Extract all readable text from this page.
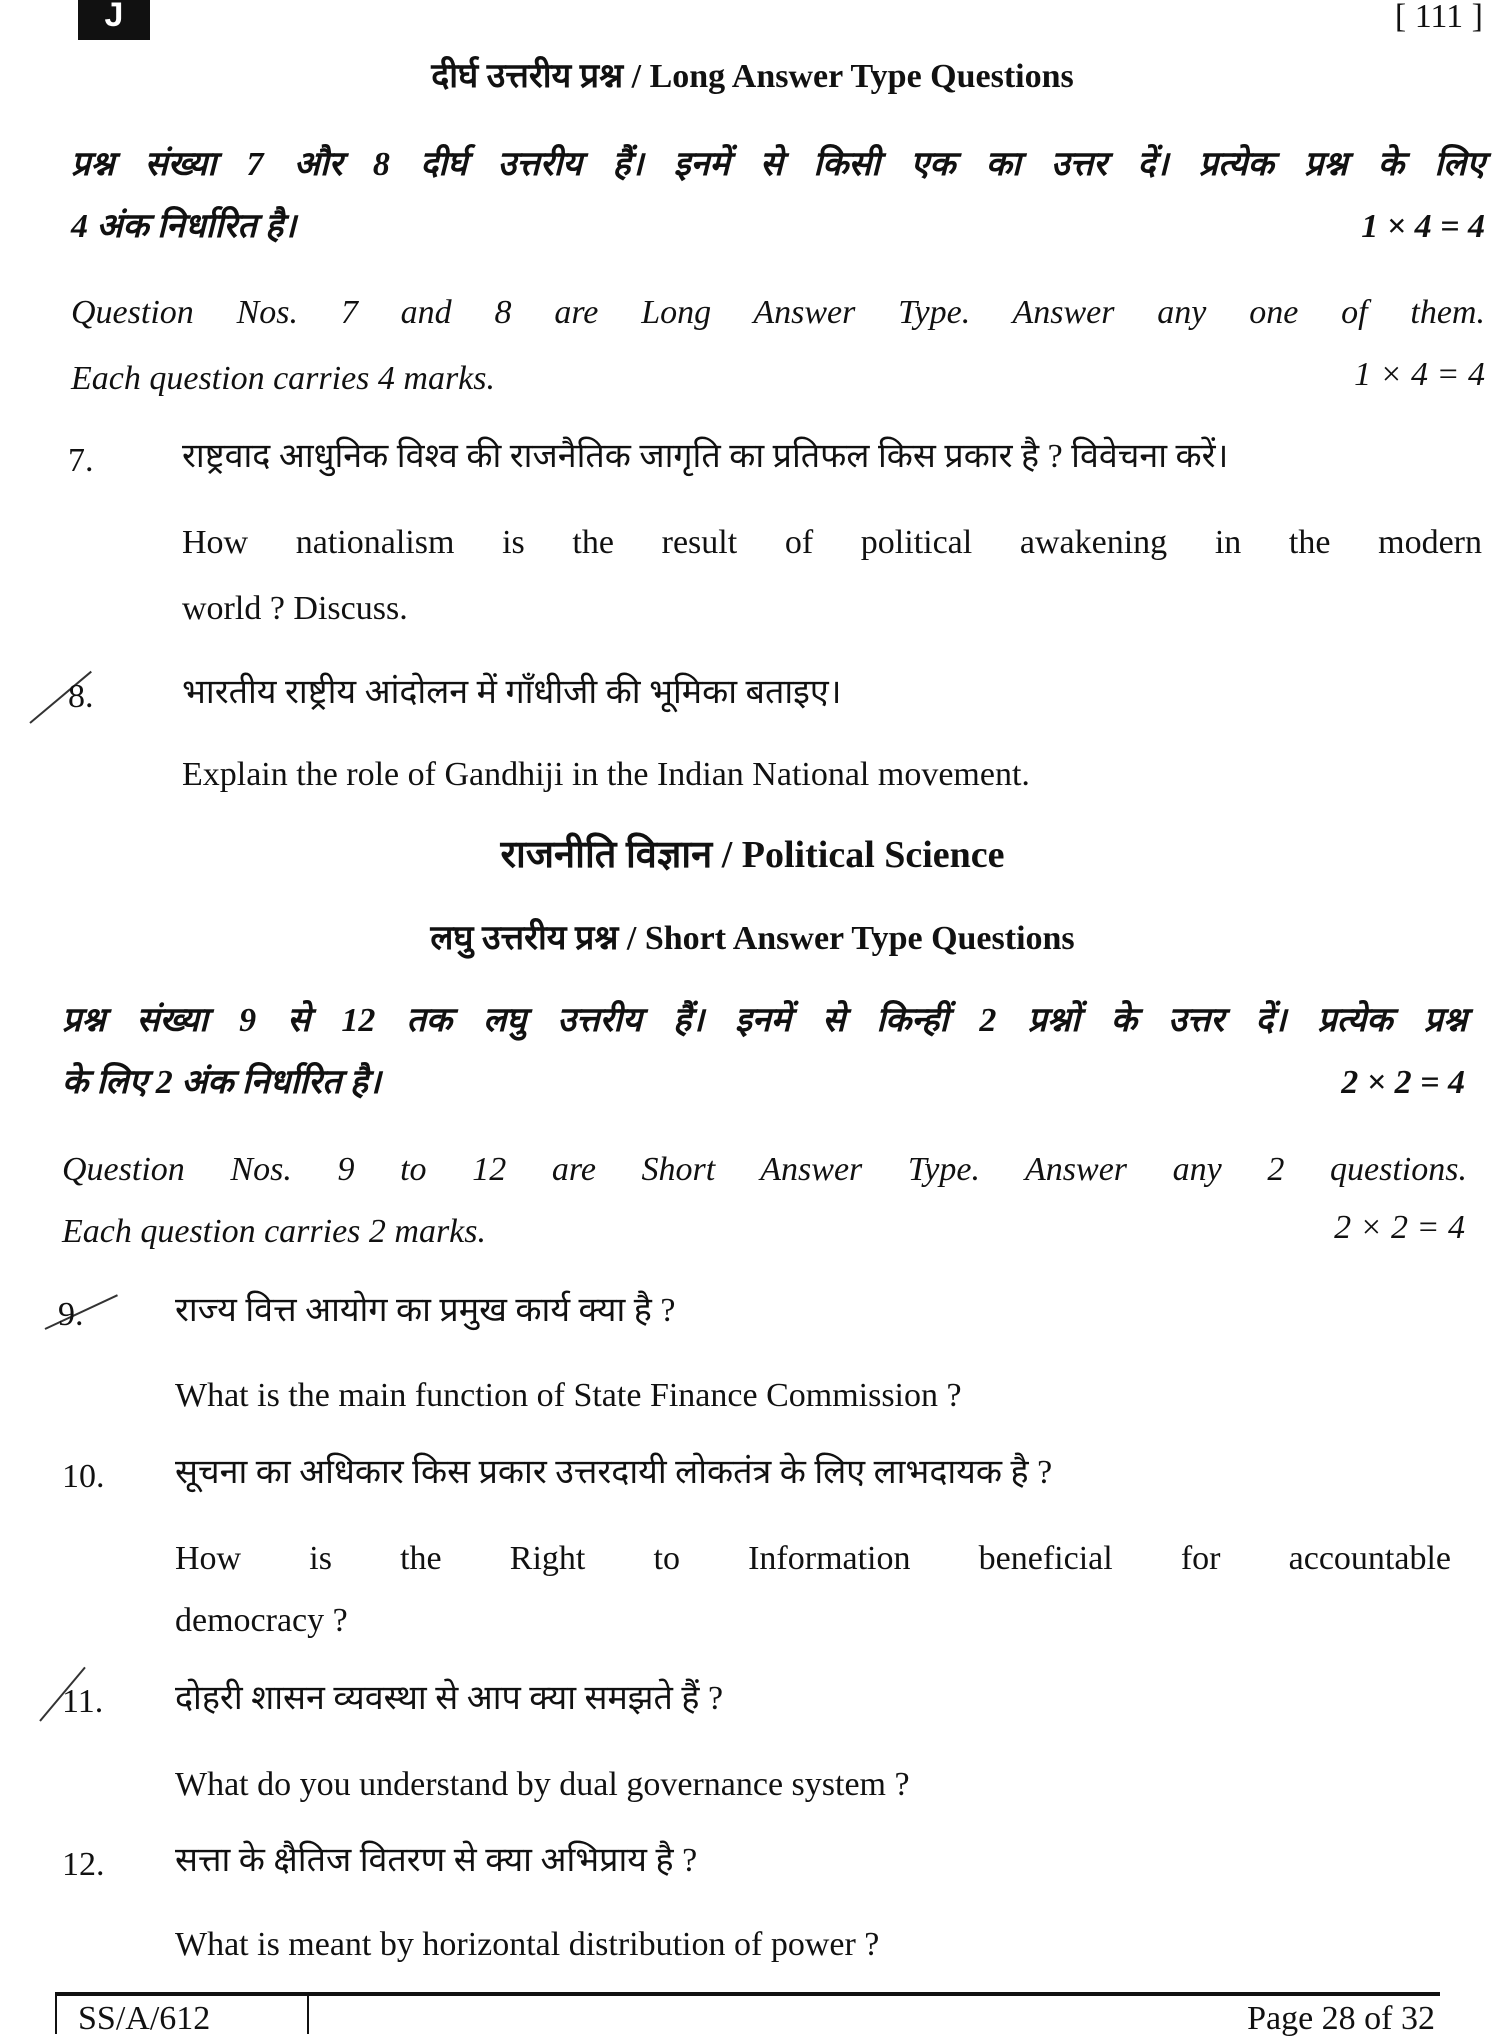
J	[ 111 ]
दीर्घ उत्तरीय प्रश्न / Long Answer Type Questions
प्रश्न संख्या 7 और 8 दीर्घ उत्तरीय हैं। इनमें से किसी एक का उत्तर दें। प्रत्येक प्रश्न के लिए
4 अंक निर्धारित है।	1 × 4 = 4
Question Nos. 7 and 8 are Long Answer Type. Answer any one of them.
Each question carries 4 marks.	1 × 4 = 4
7.	राष्ट्रवाद आधुनिक विश्व की राजनैतिक जागृति का प्रतिफल किस प्रकार है ? विवेचना करें।
How nationalism is the result of political awakening in the modern
world ? Discuss.
8.	भारतीय राष्ट्रीय आंदोलन में गाँधीजी की भूमिका बताइए।
Explain the role of Gandhiji in the Indian National movement.
राजनीति विज्ञान / Political Science
लघु उत्तरीय प्रश्न / Short Answer Type Questions
प्रश्न संख्या 9 से 12 तक लघु उत्तरीय हैं। इनमें से किन्हीं 2 प्रश्नों के उत्तर दें। प्रत्येक प्रश्न
के लिए 2 अंक निर्धारित है।	2 × 2 = 4
Question Nos. 9 to 12 are Short Answer Type. Answer any 2 questions.
Each question carries 2 marks.	2 × 2 = 4
9.	राज्य वित्त आयोग का प्रमुख कार्य क्या है ?
What is the main function of State Finance Commission ?
10. सूचना का अधिकार किस प्रकार उत्तरदायी लोकतंत्र के लिए लाभदायक है ?
How is the Right to Information beneficial for accountable
democracy ?
11. दोहरी शासन व्यवस्था से आप क्या समझते हैं ?
What do you understand by dual governance system ?
12. सत्ता के क्षैतिज वितरण से क्या अभिप्राय है ?
What is meant by horizontal distribution of power ?
SS/A/612	Page 28 of 32
